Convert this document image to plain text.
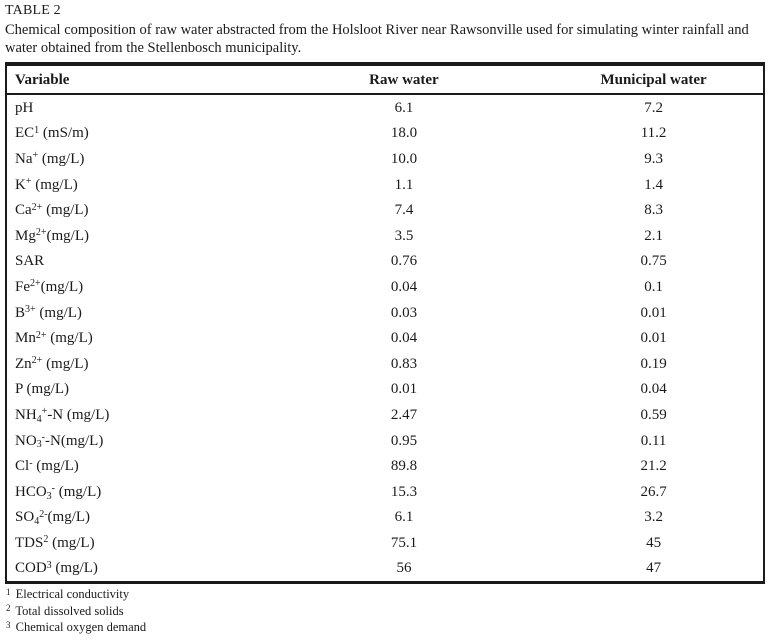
TABLE 2
Chemical composition of raw water abstracted from the Holsloot River near Rawsonville used for simulating winter rainfall and water obtained from the Stellenbosch municipality.
Variable	Raw water	Municipal water
pH	6.1	7.2
$EC^1$ (mS/m)	18.0	11.2
Na+ (mg/L)	10.0	9.3
K+ (mg/L)	1.1	1.4
$Ca^{2+}$ (mg/L)	7.4	8.3
$Mg^{2+}(mg/L)$	3.5	2.1
SAR	0.76	0.75
$Fe^{2+}(mg/L)$	0.04	0.1
$B^{3+}$ (mg/L)	0.03	0.01
$Mn^{2+}$ (mg/L)	0.04	0.01
$Zn^{2+}$ (mg/L)	0.83	0.19
P (mg/L)	0.01	0.04
$NH_4^+-N$ (mg/L)	2.47	0.59
$NO_3^--N(mg/L)$	0.95	0.11
Cl- (mg/L)	89.8	21.2
$HCO_3^-$ (mg/L)	15.3	26.7
$SO_4^{2-}(mg/L)$	6.1	3.2
TDS$^2$ (mg/L)	75.1	45
COD$^3$ (mg/L)	56	47
$^1$ Electrical conductivity
$^2$ Total dissolved solids
$^3$ Chemical oxygen demand
